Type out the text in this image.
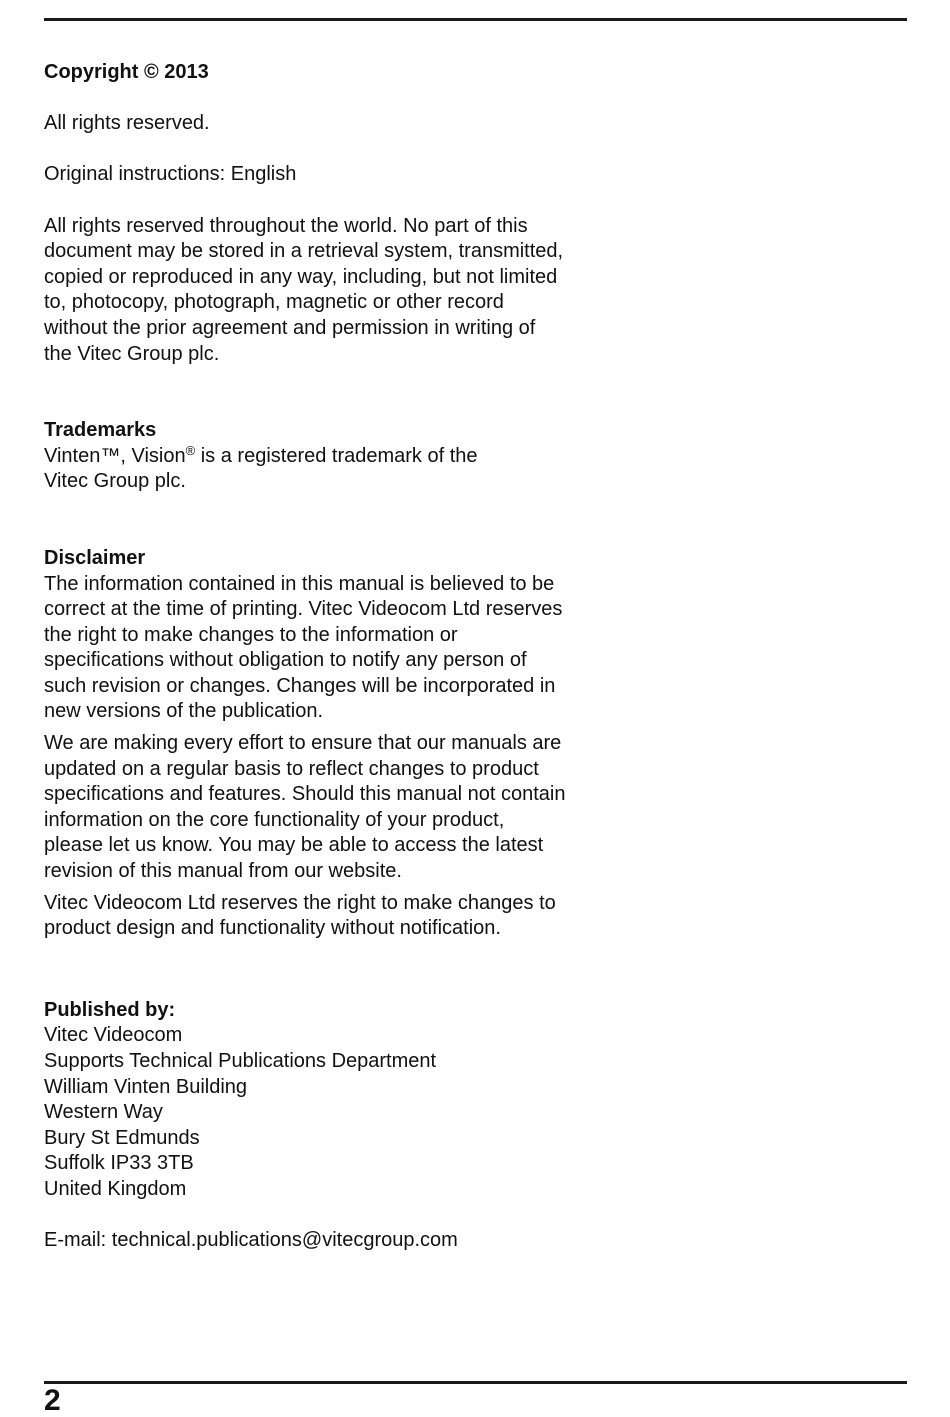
Copyright © 2013

All rights reserved.

Original instructions: English

All rights reserved throughout the world. No part of this

document may be stored in a retrieval system, transmitted,

copied or reproduced in any way, including, but not limited

to, photocopy, photograph, magnetic or other record

without the prior agreement and permission in writing of

the Vitec Group plc.

Trademarks

Vinten™, Vision® is a registered trademark of the

Vitec Group plc.

Disclaimer

The information contained in this manual is believed to be

correct at the time of printing. Vitec Videocom Ltd reserves

the right to make changes to the information or

specifications without obligation to notify any person of

such revision or changes. Changes will be incorporated in

new versions of the publication.

We are making every effort to ensure that our manuals are

updated on a regular basis to reflect changes to product

specifications and features. Should this manual not contain

information on the core functionality of your product,

please let us know. You may be able to access the latest

revision of this manual from our website.

Vitec Videocom Ltd reserves the right to make changes to

product design and functionality without notification.

Published by:

Vitec Videocom

Supports Technical Publications Department

William Vinten Building

Western Way

Bury St Edmunds

Suffolk IP33 3TB

United Kingdom

E-mail: technical.publications@vitecgroup.com

2
